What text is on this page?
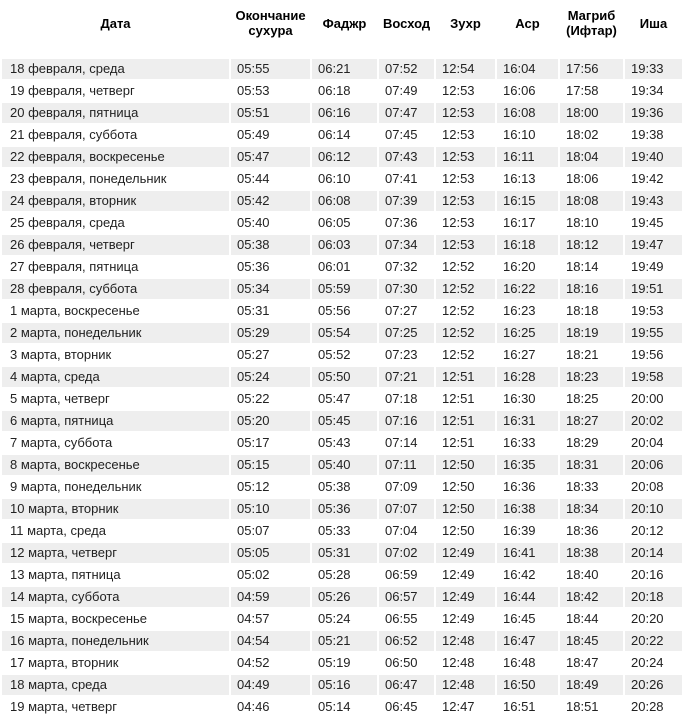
Дата	Окончание сухура	Фаджр	Восход	Зухр	Аср	Магриб (Ифтар)	Иша
18 февраля, среда	05:55	06:21	07:52	12:54	16:04	17:56	19:33
19 февраля, четверг	05:53	06:18	07:49	12:53	16:06	17:58	19:34
20 февраля, пятница	05:51	06:16	07:47	12:53	16:08	18:00	19:36
21 февраля, суббота	05:49	06:14	07:45	12:53	16:10	18:02	19:38
22 февраля, воскресенье	05:47	06:12	07:43	12:53	16:11	18:04	19:40
23 февраля, понедельник	05:44	06:10	07:41	12:53	16:13	18:06	19:42
24 февраля, вторник	05:42	06:08	07:39	12:53	16:15	18:08	19:43
25 февраля, среда	05:40	06:05	07:36	12:53	16:17	18:10	19:45
26 февраля, четверг	05:38	06:03	07:34	12:53	16:18	18:12	19:47
27 февраля, пятница	05:36	06:01	07:32	12:52	16:20	18:14	19:49
28 февраля, суббота	05:34	05:59	07:30	12:52	16:22	18:16	19:51
1 марта, воскресенье	05:31	05:56	07:27	12:52	16:23	18:18	19:53
2 марта, понедельник	05:29	05:54	07:25	12:52	16:25	18:19	19:55
3 марта, вторник	05:27	05:52	07:23	12:52	16:27	18:21	19:56
4 марта, среда	05:24	05:50	07:21	12:51	16:28	18:23	19:58
5 марта, четверг	05:22	05:47	07:18	12:51	16:30	18:25	20:00
6 марта, пятница	05:20	05:45	07:16	12:51	16:31	18:27	20:02
7 марта, суббота	05:17	05:43	07:14	12:51	16:33	18:29	20:04
8 марта, воскресенье	05:15	05:40	07:11	12:50	16:35	18:31	20:06
9 марта, понедельник	05:12	05:38	07:09	12:50	16:36	18:33	20:08
10 марта, вторник	05:10	05:36	07:07	12:50	16:38	18:34	20:10
11 марта, среда	05:07	05:33	07:04	12:50	16:39	18:36	20:12
12 марта, четверг	05:05	05:31	07:02	12:49	16:41	18:38	20:14
13 марта, пятница	05:02	05:28	06:59	12:49	16:42	18:40	20:16
14 марта, суббота	04:59	05:26	06:57	12:49	16:44	18:42	20:18
15 марта, воскресенье	04:57	05:24	06:55	12:49	16:45	18:44	20:20
16 марта, понедельник	04:54	05:21	06:52	12:48	16:47	18:45	20:22
17 марта, вторник	04:52	05:19	06:50	12:48	16:48	18:47	20:24
18 марта, среда	04:49	05:16	06:47	12:48	16:50	18:49	20:26
19 марта, четверг	04:46	05:14	06:45	12:47	16:51	18:51	20:28
